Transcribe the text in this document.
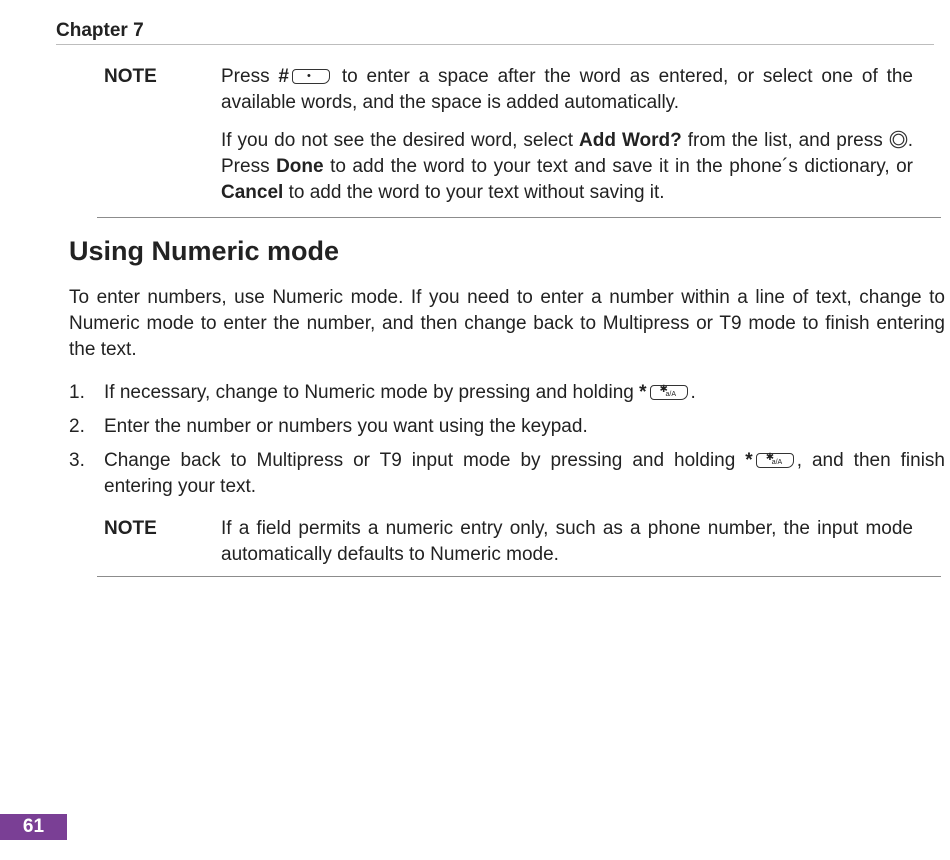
Chapter 7
NOTE	Press # • to enter a space after the word as entered, or select one of the available words, and the space is added automatically.

If you do not see the desired word, select Add Word? from the list, and press . Press Done to add the word to your text and save it in the phone´s dictionary, or Cancel to add the word to your text without saving it.

Using Numeric mode

To enter numbers, use Numeric mode. If you need to enter a number within a line of text, change to Numeric mode to enter the number, and then change back to Multipress or T9 mode to finish entering the text.

1. If necessary, change to Numeric mode by pressing and holding * ✱
a/A .
2. Enter the number or numbers you want using the keypad.
3. Change back to Multipress or T9 input mode by pressing and holding * ✱
a/A , and then finish entering your text.
NOTE	If a field permits a numeric entry only, such as a phone number, the input mode automatically defaults to Numeric mode.

61
